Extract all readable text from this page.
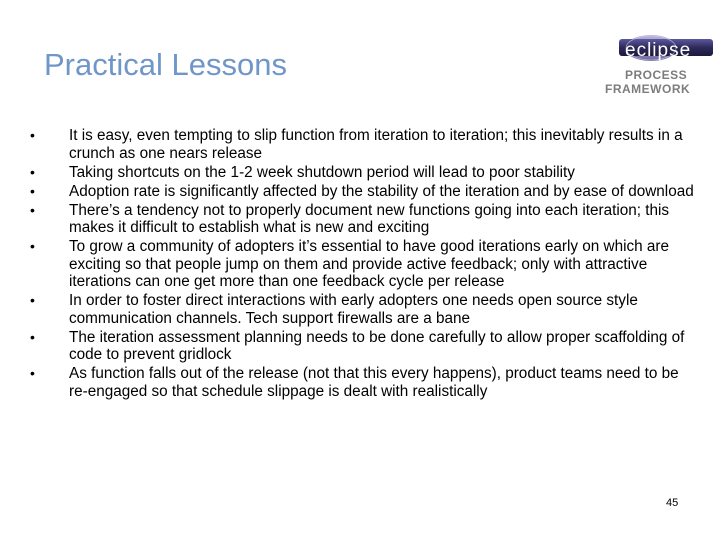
Practical Lessons	eclipse
PROCESS
FRAMEWORK
• It is easy, even tempting to slip function from iteration to iteration; this inevitably results in a crunch as one nears release
• Taking shortcuts on the 1-2 week shutdown period will lead to poor stability
• Adoption rate is significantly affected by the stability of the iteration and by ease of download
• There’s a tendency not to properly document new functions going into each iteration; this makes it difficult to establish what is new and exciting
• To grow a community of adopters it’s essential to have good iterations early on which are exciting so that people jump on them and provide active feedback; only with attractive iterations can one get more than one feedback cycle per release
• In order to foster direct interactions with early adopters one needs open source style communication channels. Tech support firewalls are a bane
• The iteration assessment planning needs to be done carefully to allow proper scaffolding of code to prevent gridlock
• As function falls out of the release (not that this every happens), product teams need to be re-engaged so that schedule slippage is dealt with realistically
45
